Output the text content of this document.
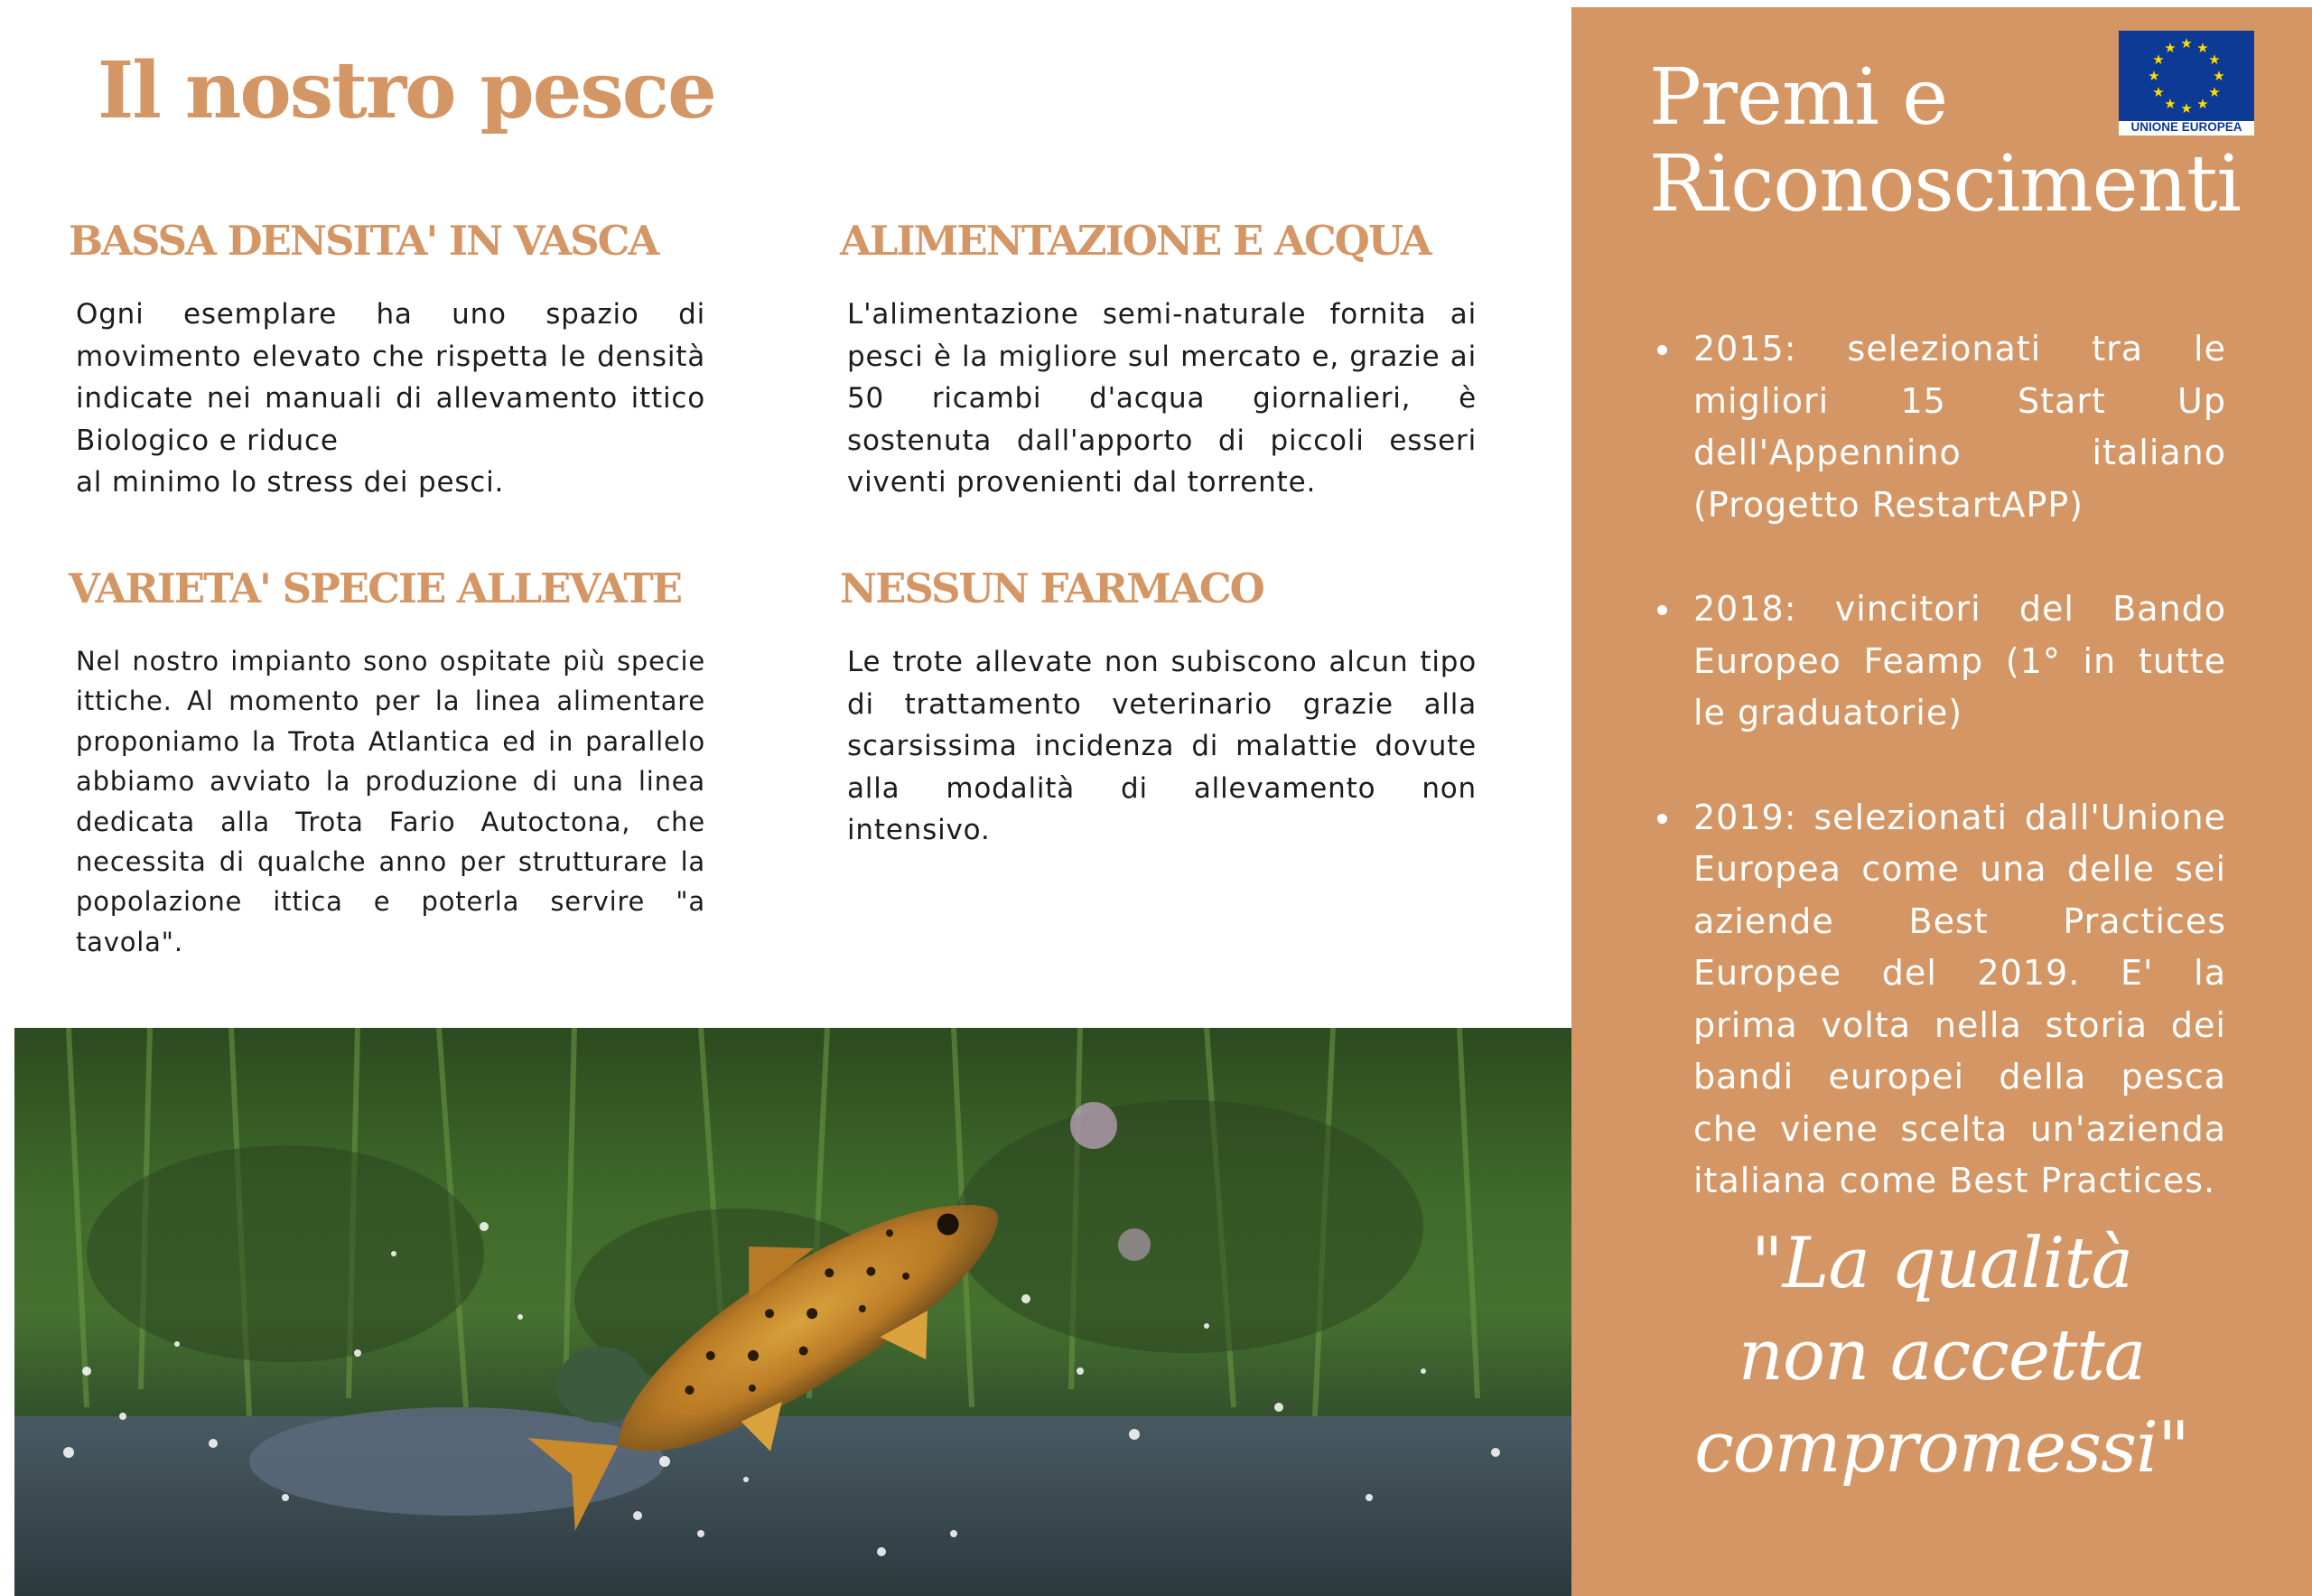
Il nostro pesce
BASSA DENSITA' IN VASCA

Ogni esemplare ha uno spazio di movimento elevato che rispetta le densità indicate nei manuali di allevamento ittico Biologico e riduce
al minimo lo stress dei pesci.

ALIMENTAZIONE E ACQUA

L'alimentazione semi-naturale fornita ai pesci è la migliore sul mercato e, grazie ai 50 ricambi d'acqua giornalieri, è sostenuta dall'apporto di piccoli esseri viventi provenienti dal torrente.

VARIETA' SPECIE ALLEVATE

Nel nostro impianto sono ospitate più specie ittiche. Al momento per la linea alimentare proponiamo la Trota Atlantica ed in parallelo abbiamo avviato la produzione di una linea dedicata alla Trota Fario Autoctona, che necessita di qualche anno per strutturare la popolazione ittica e poterla servire "a tavola".

NESSUN FARMACO

Le trote allevate non subiscono alcun tipo di trattamento veterinario grazie alla scarsissima incidenza di malattie dovute alla modalità di allevamento non intensivo.

Premi e
Riconoscimenti
★ ★
★
★
★
★
★
★
★
★
★
★
UNIONE EUROPEA
2015: selezionati tra le migliori 15 Start Up dell'Appennino italiano (Progetto RestartAPP)
2018: vincitori del Bando Europeo Feamp (1° in tutte le graduatorie)
2019: selezionati dall'Unione Europea come una delle sei aziende Best Practices Europee del 2019. E' la prima volta nella storia dei bandi europei della pesca che viene scelta un'azienda italiana come Best Practices.
"La qualità
non accetta
compromessi"
